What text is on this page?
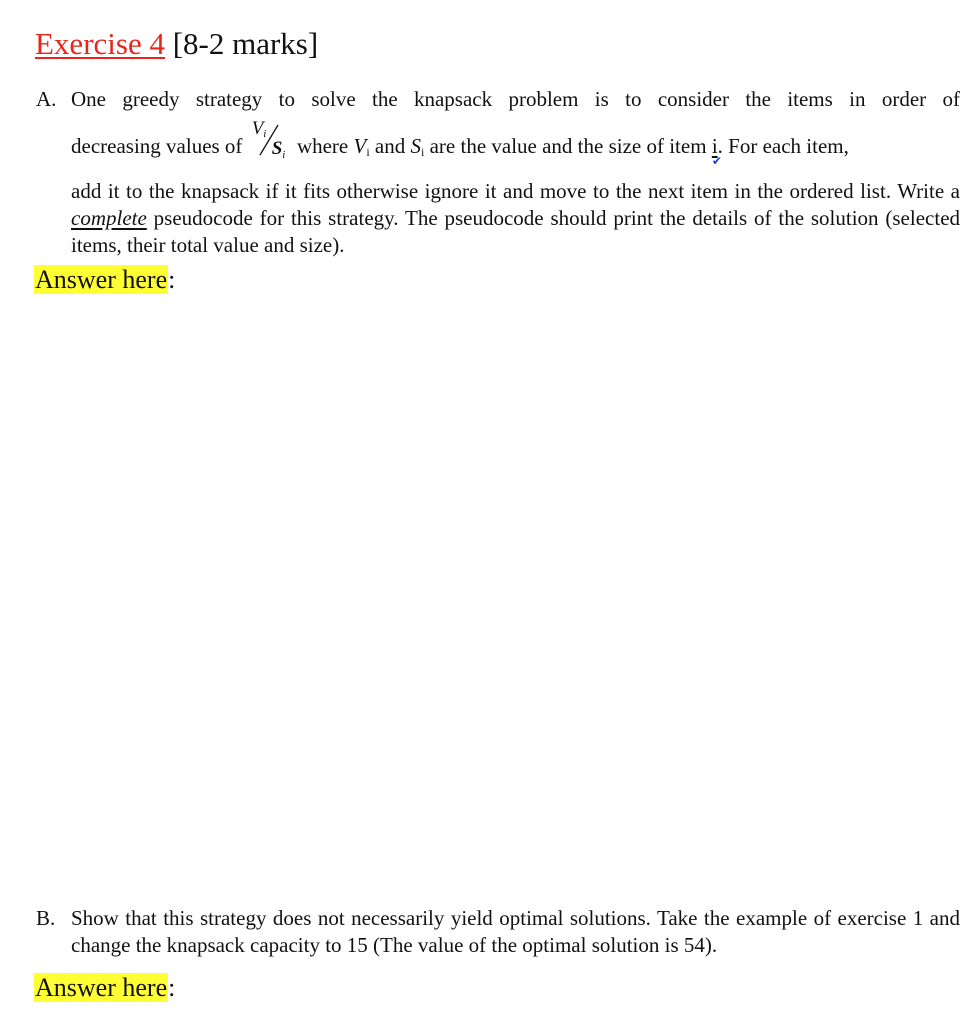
Exercise 4 [8-2 marks]
A. One greedy strategy to solve the knapsack problem is to consider the items in order of
decreasing values of
$V_i$
$S_i$ where $V_i$ and $S_i$ are the value and the size of item i
✔
. For each item,
add it to the knapsack if it fits otherwise ignore it and move to the next item in the ordered list. Write a complete pseudocode for this strategy. The pseudocode should print the details of the solution (selected items, their total value and size).
Answer here:
B. Show that this strategy does not necessarily yield optimal solutions. Take the example of exercise 1 and change the knapsack capacity to 15 (The value of the optimal solution is 54).
Answer here:
